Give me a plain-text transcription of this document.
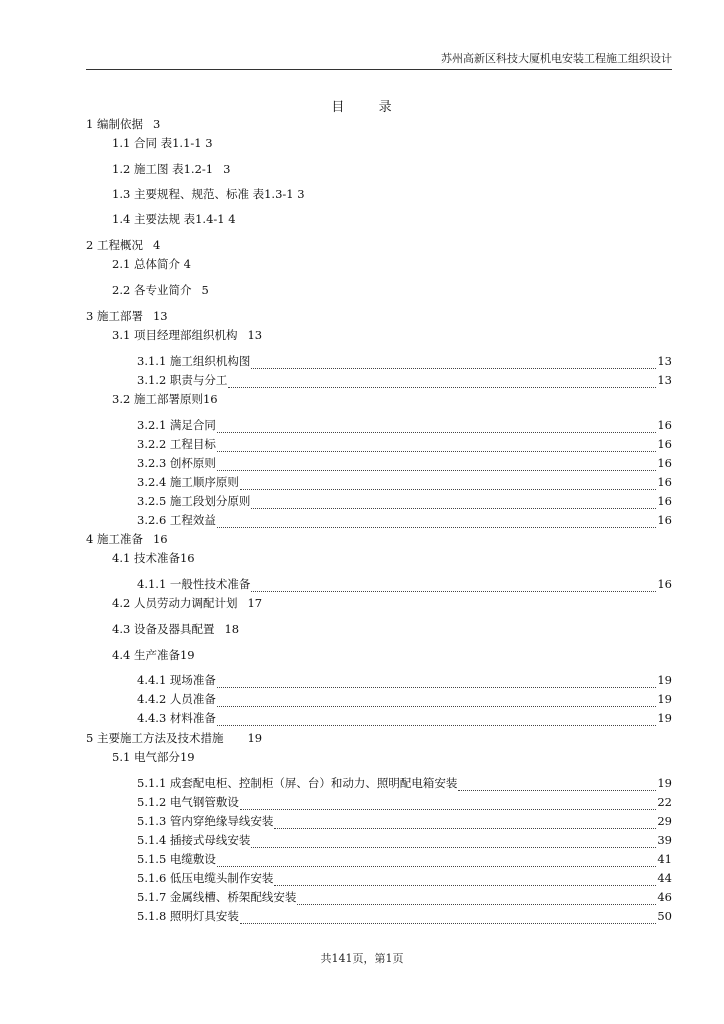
苏州高新区科技大厦机电安装工程施工组织设计
目	录
1 编制依据 3
1.1 合同 表1.1-1 3
1.2 施工图 表1.2-1 3
1.3 主要规程、规范、标准 表1.3-1 3
1.4 主要法规 表1.4-1 4
2 工程概况 4
2.1 总体简介 4
2.2 各专业简介 5
3 施工部署 13
3.1 项目经理部组织机构 13
3.1.1 施工组织机构图	13
3.1.2 职责与分工	13
3.2 施工部署原则16
3.2.1 满足合同	16
3.2.2 工程目标	16
3.2.3 创杯原则	16
3.2.4 施工顺序原则	16
3.2.5 施工段划分原则	16
3.2.6 工程效益	16
4 施工准备 16
4.1 技术准备16
4.1.1 一般性技术准备	16
4.2 人员劳动力调配计划 17
4.3 设备及器具配置 18
4.4 生产准备19
4.4.1 现场准备	19
4.4.2 人员准备	19
4.4.3 材料准备	19
5 主要施工方法及技术措施 19
5.1 电气部分19
5.1.1 成套配电柜、控制柜（屏、台）和动力、照明配电箱安装	19
5.1.2 电气钢管敷设	22
5.1.3 管内穿绝缘导线安装	29
5.1.4 插接式母线安装	39
5.1.5 电缆敷设	41
5.1.6 低压电缆头制作安装	44
5.1.7 金属线槽、桥架配线安装	46
5.1.8 照明灯具安装	50
共141页，第1页
